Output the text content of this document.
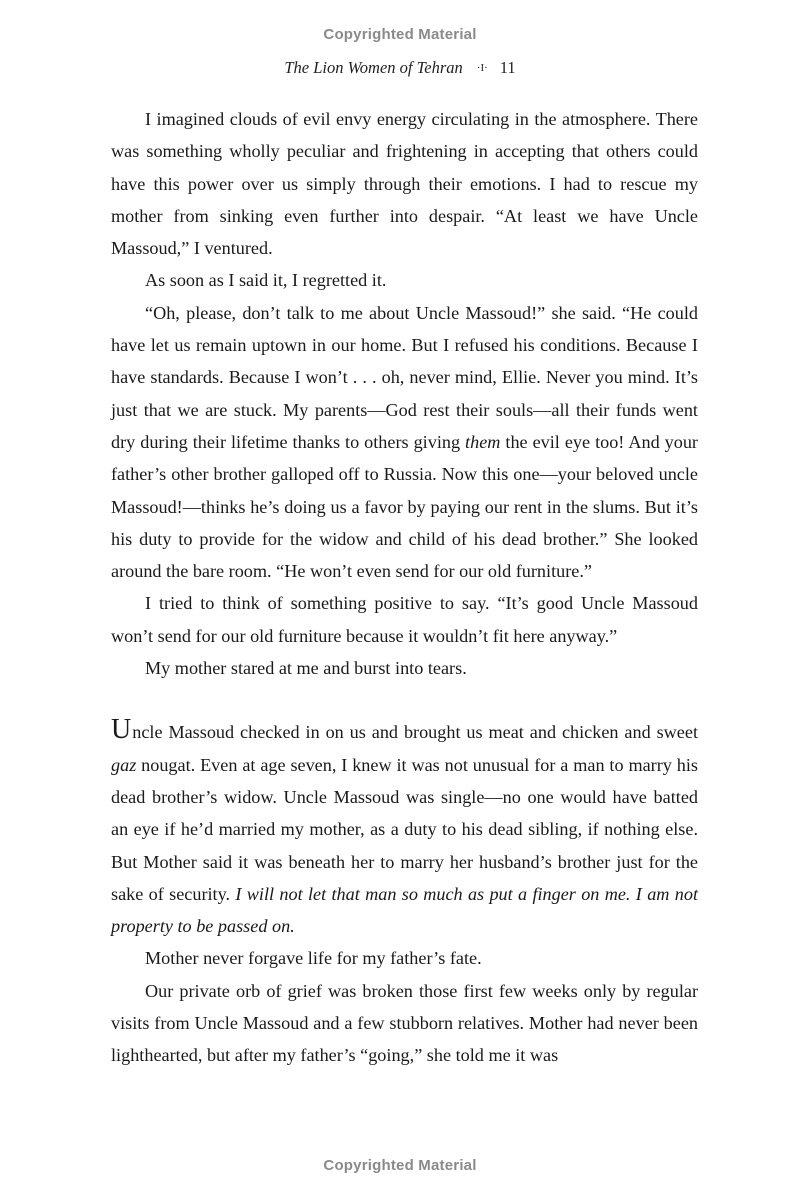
Copyrighted Material
The Lion Women of Tehran ·I· 11

I imagined clouds of evil envy energy circulating in the atmosphere. There was something wholly peculiar and frightening in accepting that others could have this power over us simply through their emotions. I had to rescue my mother from sinking even further into despair. “At least we have Uncle Massoud,” I ventured.

As soon as I said it, I regretted it.

“Oh, please, don’t talk to me about Uncle Massoud!” she said. “He could have let us remain uptown in our home. But I refused his conditions. Because I have standards. Because I won’t . . . oh, never mind, Ellie. Never you mind. It’s just that we are stuck. My parents—God rest their souls—all their funds went dry during their lifetime thanks to others giving them the evil eye too! And your father’s other brother galloped off to Russia. Now this one—your beloved uncle Massoud!—thinks he’s doing us a favor by paying our rent in the slums. But it’s his duty to provide for the widow and child of his dead brother.” She looked around the bare room. “He won’t even send for our old furniture.”

I tried to think of something positive to say. “It’s good Uncle Massoud won’t send for our old furniture because it wouldn’t fit here anyway.”

My mother stared at me and burst into tears.

Uncle Massoud checked in on us and brought us meat and chicken and sweet gaz nougat. Even at age seven, I knew it was not unusual for a man to marry his dead brother’s widow. Uncle Massoud was single—no one would have batted an eye if he’d married my mother, as a duty to his dead sibling, if nothing else. But Mother said it was beneath her to marry her husband’s brother just for the sake of security. I will not let that man so much as put a finger on me. I am not property to be passed on.

Mother never forgave life for my father’s fate.

Our private orb of grief was broken those first few weeks only by regular visits from Uncle Massoud and a few stubborn relatives. Mother had never been lighthearted, but after my father’s “going,” she told me it was

Copyrighted Material
